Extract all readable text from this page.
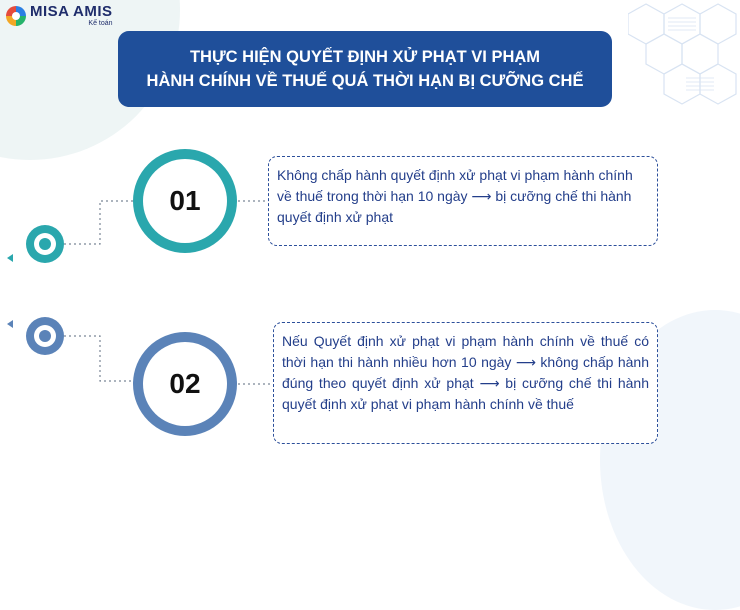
MISA AMIS
Kế toán
THỰC HIỆN QUYẾT ĐỊNH XỬ PHẠT VI PHẠM
HÀNH CHÍNH VỀ THUẾ QUÁ THỜI HẠN BỊ CƯỠNG CHẾ
01
02
Không chấp hành quyết định xử phạt vi phạm hành chính về thuế trong thời hạn 10 ngày ⟶ bị cưỡng chế thi hành quyết định xử phạt
Nếu Quyết định xử phạt vi phạm hành chính về thuế có thời hạn thi hành nhiều hơn 10 ngày ⟶ không chấp hành đúng theo quyết định xử phạt ⟶ bị cưỡng chế thi hành quyết định xử phạt vi phạm hành chính về thuế
